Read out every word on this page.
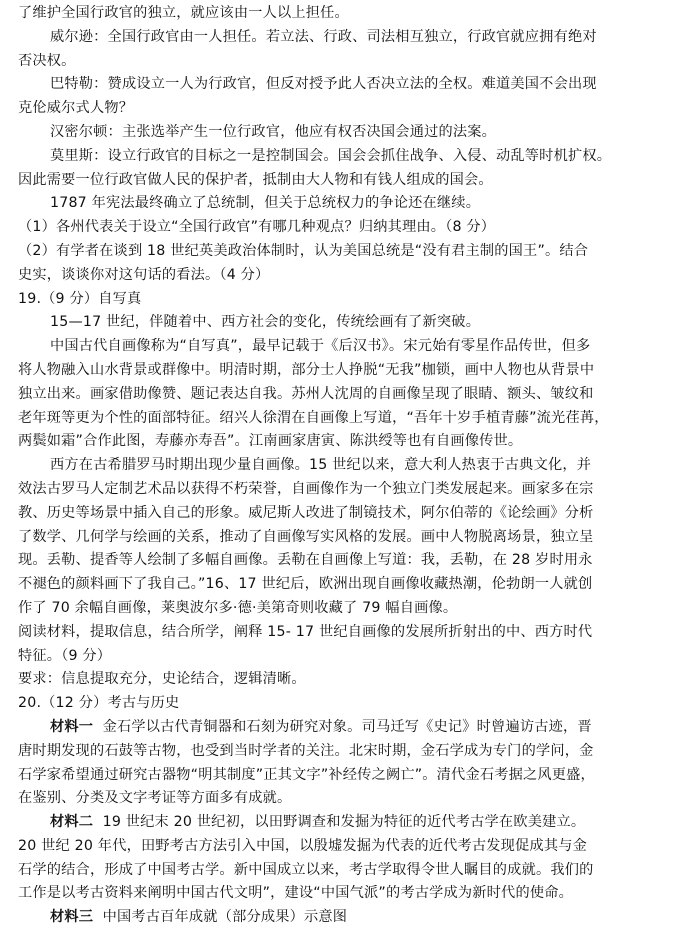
了维护全国行政官的独立，就应该由一人以上担任。
威尔逊：全国行政官由一人担任。若立法、行政、司法相互独立，行政官就应拥有绝对
否决权。
巴特勒：赞成设立一人为行政官，但反对授予此人否决立法的全权。难道美国不会出现
克伦威尔式人物？
汉密尔顿：主张选举产生一位行政官，他应有权否决国会通过的法案。
莫里斯：设立行政官的目标之一是控制国会。国会会抓住战争、入侵、动乱等时机扩权。
因此需要一位行政官做人民的保护者，抵制由大人物和有钱人组成的国会。
1787 年宪法最终确立了总统制，但关于总统权力的争论还在继续。
（1）各州代表关于设立“全国行政官”有哪几种观点？归纳其理由。（8 分）
（2）有学者在谈到 18 世纪英美政治体制时，认为美国总统是“没有君主制的国王”。结合
史实，谈谈你对这句话的看法。（4 分）
19.（9 分）自写真
15—17 世纪，伴随着中、西方社会的变化，传统绘画有了新突破。
中国古代自画像称为“自写真”，最早记载于《后汉书》。宋元始有零星作品传世，但多
将人物融入山水背景或群像中。明清时期，部分士人挣脱“无我”枷锁，画中人物也从背景中
独立出来。画家借助像赞、题记表达自我。苏州人沈周的自画像呈现了眼睛、额头、皱纹和
老年斑等更为个性的面部特征。绍兴人徐渭在自画像上写道，“吾年十岁手植青藤”流光荏苒，
两鬓如霜”合作此图，寿藤亦寿吾”。江南画家唐寅、陈洪绶等也有自画像传世。
西方在古希腊罗马时期出现少量自画像。15 世纪以来，意大利人热衷于古典文化，并
效法古罗马人定制艺术品以获得不朽荣誉，自画像作为一个独立门类发展起来。画家多在宗
教、历史等场景中插入自己的形象。威尼斯人改进了制镜技术，阿尔伯蒂的《论绘画》分析
了数学、几何学与绘画的关系，推动了自画像写实风格的发展。画中人物脱离场景，独立呈
现。丢勒、提香等人绘制了多幅自画像。丢勒在自画像上写道：我，丢勒，在 28 岁时用永
不褪色的颜料画下了我自己。”16、17 世纪后，欧洲出现自画像收藏热潮，伦勃朗一人就创
作了 70 余幅自画像，莱奥波尔多·德·美第奇则收藏了 79 幅自画像。
阅读材料，提取信息，结合所学，阐释 15- 17 世纪自画像的发展所折射出的中、西方时代
特征。（9 分）
要求：信息提取充分，史论结合，逻辑清晰。
20.（12 分）考古与历史
材料一  金石学以古代青铜器和石刻为研究对象。司马迁写《史记》时曾遍访古迹，晋
唐时期发现的石鼓等古物，也受到当时学者的关注。北宋时期，金石学成为专门的学问，金
石学家希望通过研究古器物“明其制度”正其文字”补经传之阙亡”。清代金石考据之风更盛，
在鉴别、分类及文字考证等方面多有成就。
材料二  19 世纪末 20 世纪初，以田野调查和发掘为特征的近代考古学在欧美建立。
20 世纪 20 年代，田野考古方法引入中国，以殷墟发掘为代表的近代考古发现促成其与金
石学的结合，形成了中国考古学。新中国成立以来，考古学取得令世人瞩目的成就。我们的
工作是以考古资料来阐明中国古代文明”，建设“中国气派”的考古学成为新时代的使命。
材料三  中国考古百年成就（部分成果）示意图
